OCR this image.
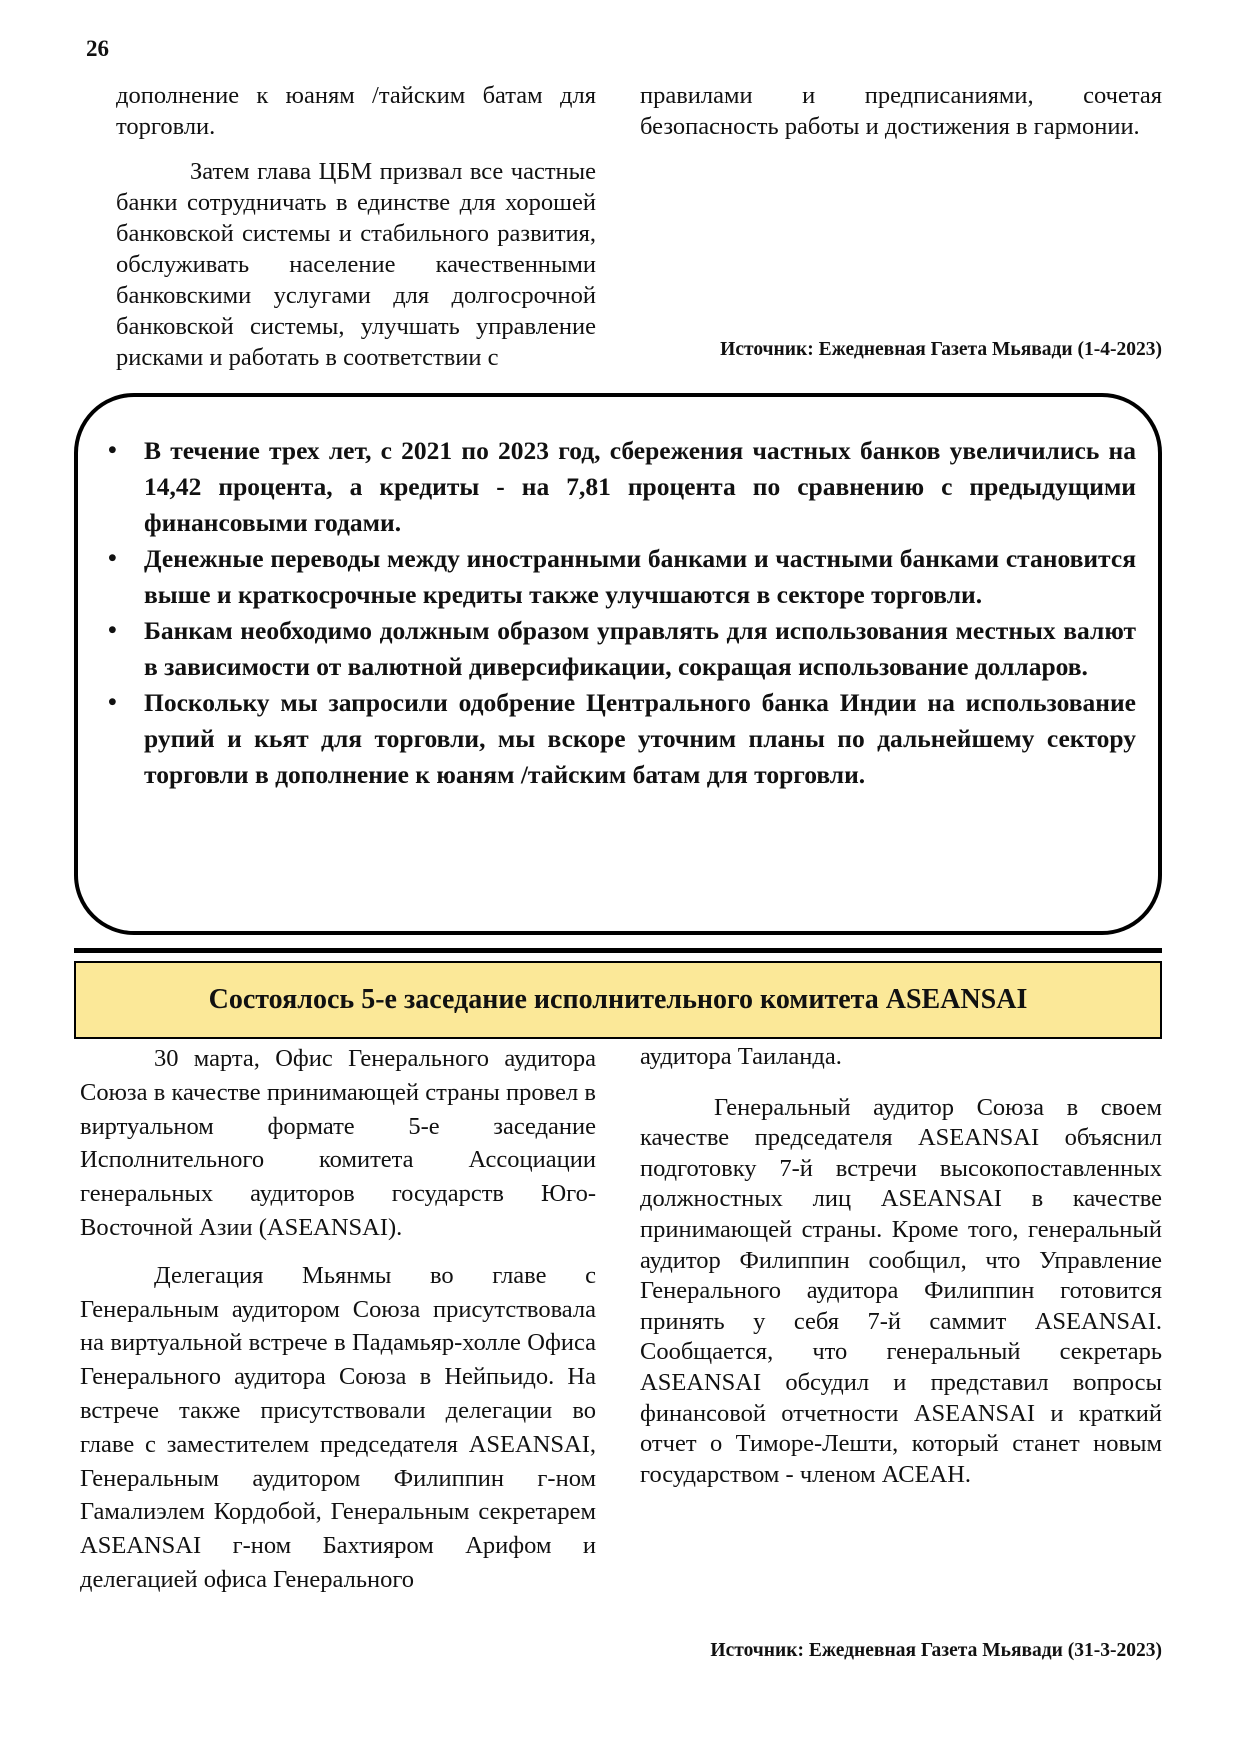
26

дополнение к юаням /тайским батам для торговли.

Затем глава ЦБМ призвал все частные банки сотрудничать в единстве для хорошей банковской системы и стабильного развития, обслуживать население качественными банковскими услугами для долгосрочной банковской системы, улучшать управление рисками и работать в соответствии с

правилами и предписаниями, сочетая безопасность работы и достижения в гармонии.

Источник: Ежедневная Газета Мьявади (1-4-2023)
• В течение трех лет, с 2021 по 2023 год, сбережения частных банков увеличились на 14,42 процента, а кредиты - на 7,81 процента по сравнению с предыдущими финансовыми годами.
• Денежные переводы между иностранными банками и частными банками становится выше и краткосрочные кредиты также улучшаются в секторе торговли.
• Банкам необходимо должным образом управлять для использования местных валют в зависимости от валютной диверсификации, сокращая использование долларов.
• Поскольку мы запросили одобрение Центрального банка Индии на использование рупий и кьят для торговли, мы вскоре уточним планы по дальнейшему сектору торговли в дополнение к юаням /тайским батам для торговли.
Состоялось 5-е заседание исполнительного комитета ASEANSAI

30 марта, Офис Генерального аудитора Союза в качестве принимающей страны провел в виртуальном формате 5-е заседание Исполнительного комитета Ассоциации генеральных аудиторов государств Юго-Восточной Азии (ASEANSAI).

Делегация Мьянмы во главе с Генеральным аудитором Союза присутствовала на виртуальной встрече в Падамьяр-холле Офиса Генерального аудитора Союза в Нейпьидо. На встрече также присутствовали делегации во главе с заместителем председателя ASEANSAI, Генеральным аудитором Филиппин г-ном Гамалиэлем Кордобой, Генеральным секретарем ASEANSAI г-ном Бахтияром Арифом и делегацией офиса Генерального

аудитора Таиланда.

Генеральный аудитор Союза в своем качестве председателя ASEANSAI объяснил подготовку 7-й встречи высокопоставленных должностных лиц ASEANSAI в качестве принимающей страны. Кроме того, генеральный аудитор Филиппин сообщил, что Управление Генерального аудитора Филиппин готовится принять у себя 7-й саммит ASEANSAI. Сообщается, что генеральный секретарь ASEANSAI обсудил и представил вопросы финансовой отчетности ASEANSAI и краткий отчет о Тиморе-Лешти, который станет новым государством - членом АСЕАН.

Источник: Ежедневная Газета Мьявади (31-3-2023)
